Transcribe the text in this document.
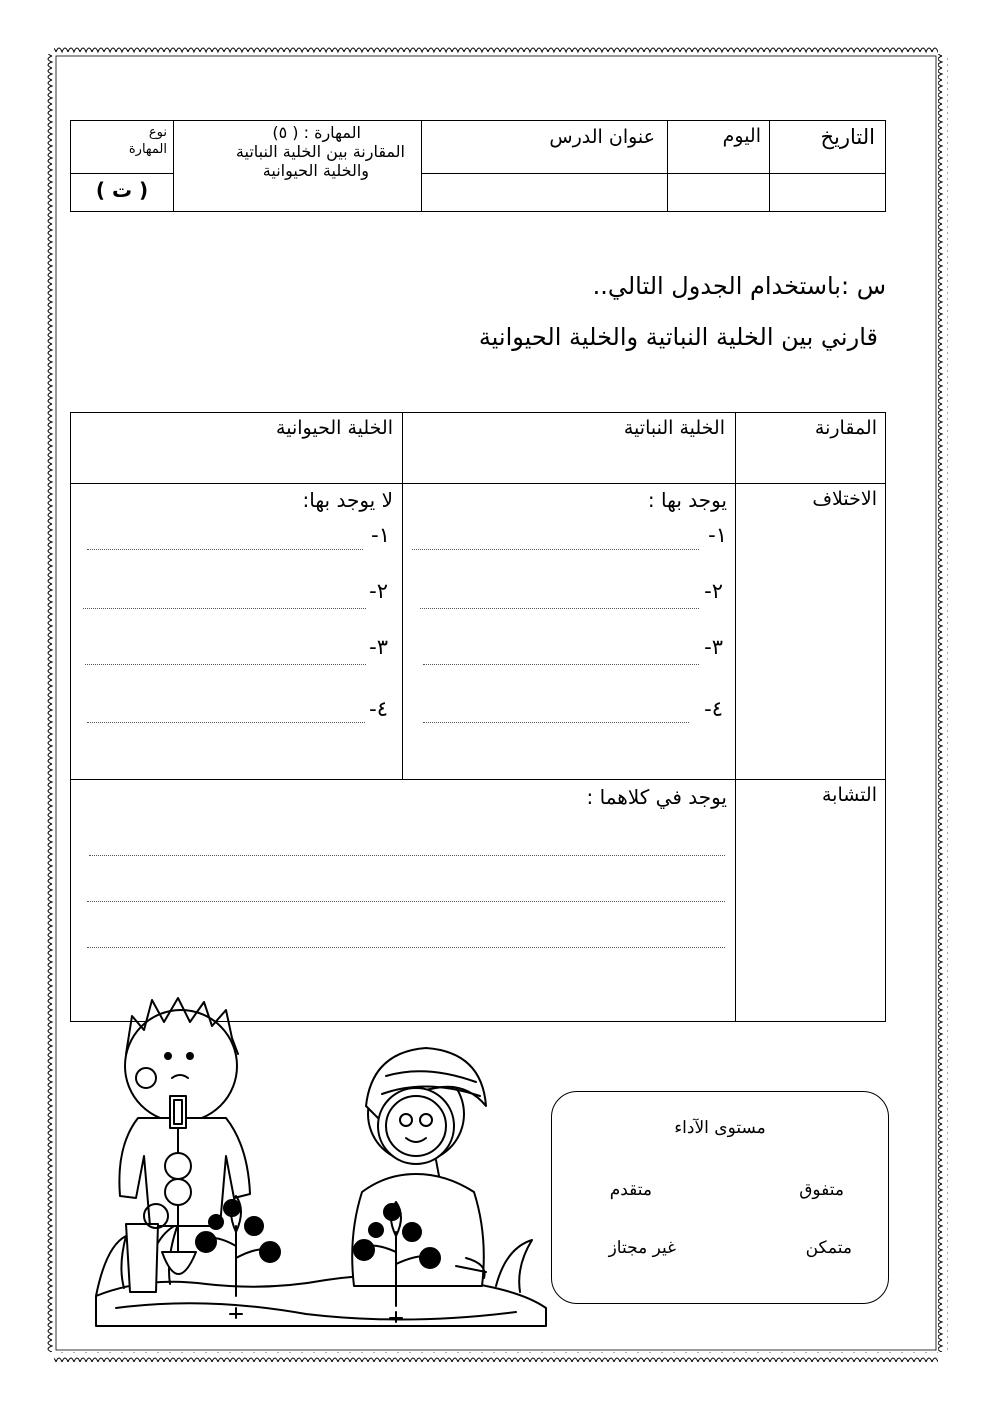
التاريخ
اليوم
عنوان الدرس
المهارة : ( ٥)
المقارنة بين الخلية النباتية
والخلية الحيوانية
نوع
المهارة
( ت )
س :باستخدام الجدول التالي..
قارني بين الخلية النباتية والخلية الحيوانية
المقارنة
الخلية النباتية
الخلية الحيوانية
الاختلاف
يوجد بها :
لا يوجد بها:
١-
٢-
٣-
٤-
١-
٢-
٣-
٤-
التشابة
يوجد في كلاهما :
مستوى الآداء
متفوق
متقدم
متمكن
غير مجتاز
